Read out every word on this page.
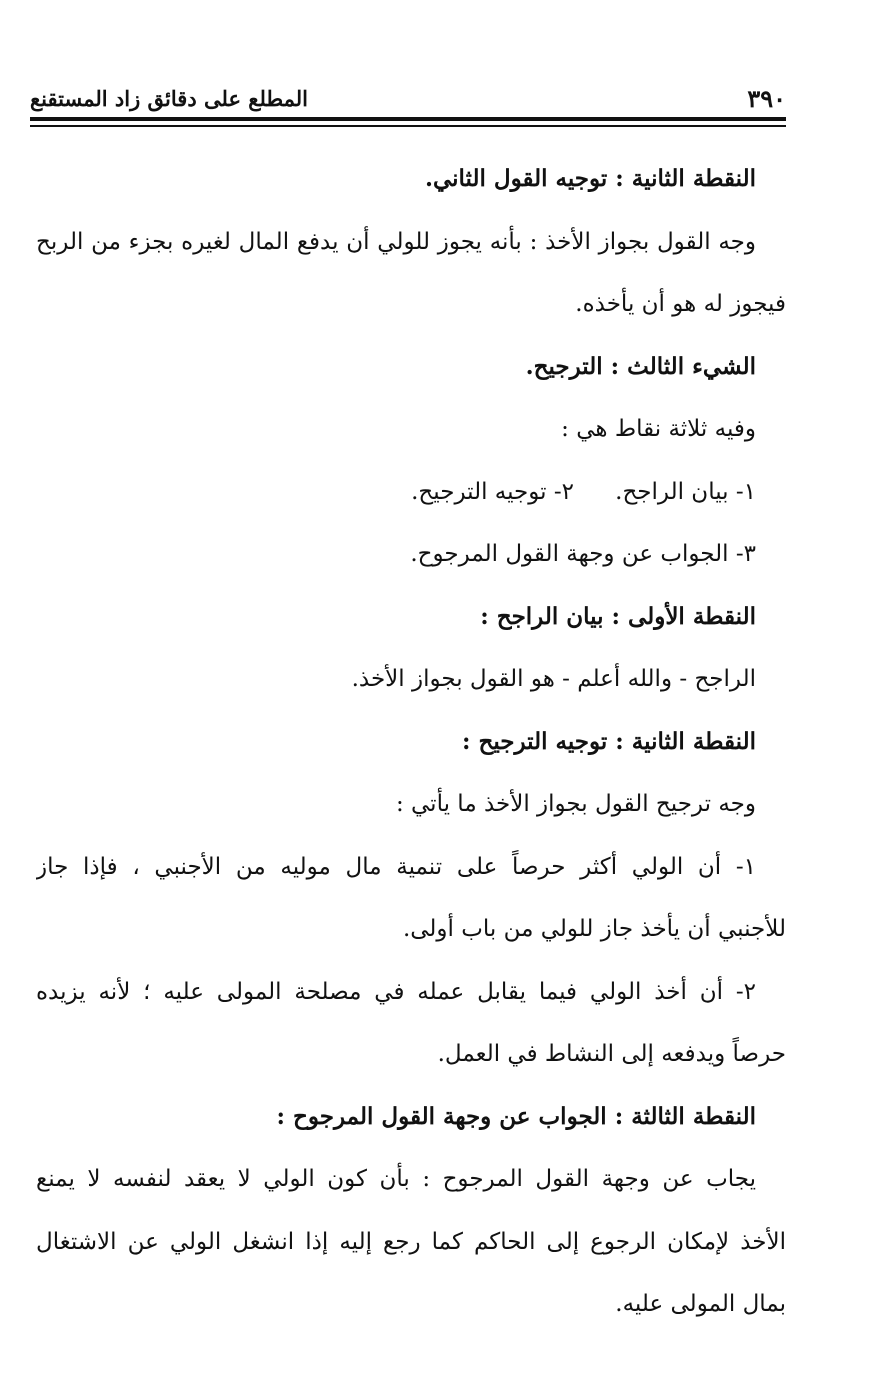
٣٩٠
المطلع على دقائق زاد المستقنع
النقطة الثانية : توجيه القول الثاني.
وجه القول بجواز الأخذ : بأنه يجوز للولي أن يدفع المال لغيره بجزء من الربح
فيجوز له هو أن يأخذه.
الشيء الثالث : الترجيح.
وفيه ثلاثة نقاط هي :
١- بيان الراجح.
٢- توجيه الترجيح.
٣- الجواب عن وجهة القول المرجوح.
النقطة الأولى : بيان الراجح :
الراجح - والله أعلم - هو القول بجواز الأخذ.
النقطة الثانية : توجيه الترجيح :
وجه ترجيح القول بجواز الأخذ ما يأتي :
١- أن الولي أكثر حرصاً على تنمية مال موليه من الأجنبي ، فإذا جاز
للأجنبي أن يأخذ جاز للولي من باب أولى.
٢- أن أخذ الولي فيما يقابل عمله في مصلحة المولى عليه ؛ لأنه يزيده
حرصاً ويدفعه إلى النشاط في العمل.
النقطة الثالثة : الجواب عن وجهة القول المرجوح :
يجاب عن وجهة القول المرجوح : بأن كون الولي لا يعقد لنفسه لا يمنع
الأخذ لإمكان الرجوع إلى الحاكم كما رجع إليه إذا انشغل الولي عن الاشتغال
بمال المولى عليه.
